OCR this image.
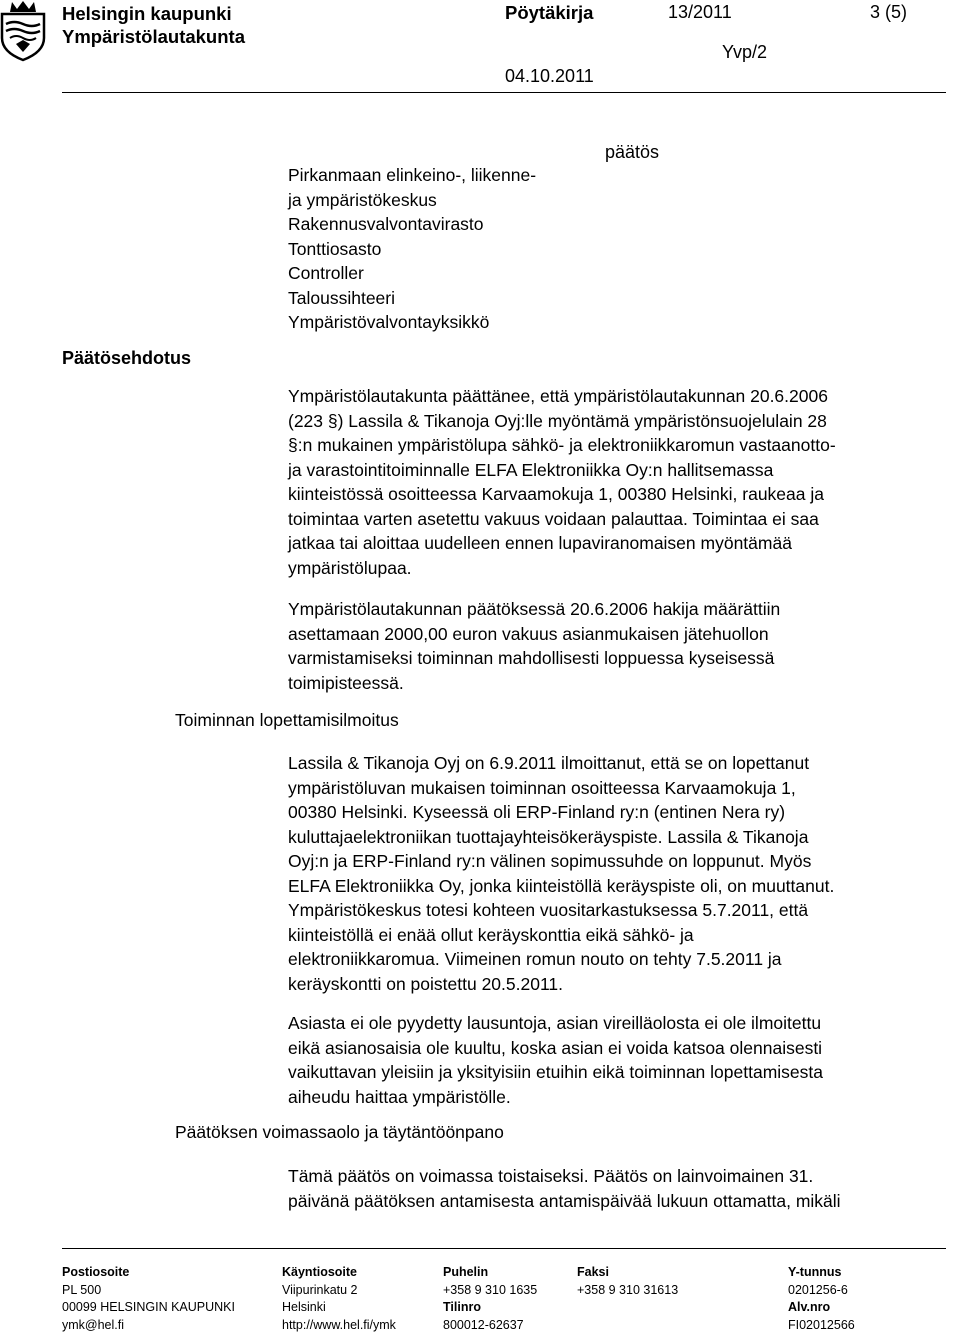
Helsingin kaupunki
Ympäristölautakunta
Pöytäkirja	13/2011	3 (5)
Yvp/2
04.10.2011
päätös
Pirkanmaan elinkeino-, liikenne-
ja ympäristökeskus
Rakennusvalvontavirasto
Tonttiosasto
Controller
Taloussihteeri
Ympäristövalvontayksikkö
Päätösehdotus
Ympäristölautakunta päättänee, että ympäristölautakunnan 20.6.2006
(223 §) Lassila & Tikanoja Oyj:lle myöntämä ympäristönsuojelulain 28
§:n mukainen ympäristölupa sähkö- ja elektroniikkaromun vastaanotto-
ja varastointitoiminnalle ELFA Elektroniikka Oy:n hallitsemassa
kiinteistössä osoitteessa Karvaamokuja 1, 00380 Helsinki, raukeaa ja
toimintaa varten asetettu vakuus voidaan palauttaa. Toimintaa ei saa
jatkaa tai aloittaa uudelleen ennen lupaviranomaisen myöntämää
ympäristölupaa.
Ympäristölautakunnan päätöksessä 20.6.2006 hakija määrättiin
asettamaan 2000,00 euron vakuus asianmukaisen jätehuollon
varmistamiseksi toiminnan mahdollisesti loppuessa kyseisessä
toimipisteessä.
Toiminnan lopettamisilmoitus
Lassila & Tikanoja Oyj on 6.9.2011 ilmoittanut, että se on lopettanut
ympäristöluvan mukaisen toiminnan osoitteessa Karvaamokuja 1,
00380 Helsinki. Kyseessä oli ERP-Finland ry:n (entinen Nera ry)
kuluttajaelektroniikan tuottajayhteisökeräyspiste. Lassila & Tikanoja
Oyj:n ja ERP-Finland ry:n välinen sopimussuhde on loppunut. Myös
ELFA Elektroniikka Oy, jonka kiinteistöllä keräyspiste oli, on muuttanut.
Ympäristökeskus totesi kohteen vuositarkastuksessa 5.7.2011, että
kiinteistöllä ei enää ollut keräyskonttia eikä sähkö- ja
elektroniikkaromua. Viimeinen romun nouto on tehty 7.5.2011 ja
keräyskontti on poistettu 20.5.2011.
Asiasta ei ole pyydetty lausuntoja, asian vireilläolosta ei ole ilmoitettu
eikä asianosaisia ole kuultu, koska asian ei voida katsoa olennaisesti
vaikuttavan yleisiin ja yksityisiin etuihin eikä toiminnan lopettamisesta
aiheudu haittaa ympäristölle.
Päätöksen voimassaolo ja täytäntöönpano
Tämä päätös on voimassa toistaiseksi. Päätös on lainvoimainen 31.
päivänä päätöksen antamisesta antamispäivää lukuun ottamatta, mikäli
Postiosoite
PL 500
00099 HELSINGIN KAUPUNKI
ymk@hel.fi
Käyntiosoite
Viipurinkatu 2
Helsinki
http://www.hel.fi/ymk
Puhelin
+358 9 310 1635
Tilinro
800012-62637
Faksi
+358 9 310 31613
Y-tunnus
0201256-6
Alv.nro
FI02012566
